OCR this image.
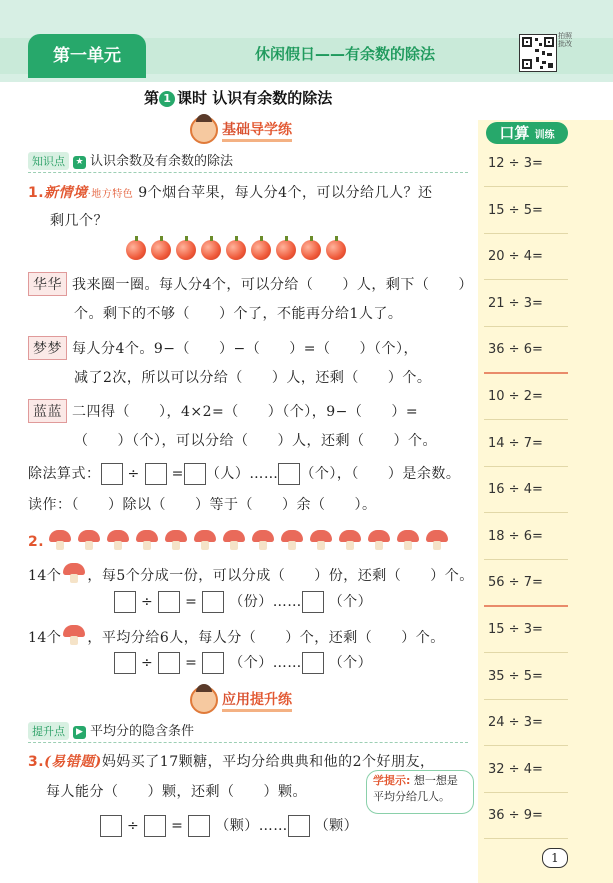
第一单元	休闲假日——有余数的除法
拍照批改
第 1 课时 认识有余数的除法
基础导学练
知识点 ★ 认识余数及有余数的除法
1.新情境·地方特色 9个烟台苹果，每人分4个，可以分给几人？还
剩几个？
华华 我来圈一圈。每人分4个，可以分给（　　）人，剩下（　　）
个。剩下的不够（　　）个了，不能再分给1人了。
梦梦 每人分4个。9−（　　）−（　　）=（　　）（个），
减了2次，所以可以分给（　　）人，还剩（　　）个。
蓝蓝 二四得（　　），4×2=（　　）（个），9−（　　）=
（　　）（个），可以分给（　　）人，还剩（　　）个。
除法算式： ÷ = （人）…… （个），（　　）是余数。
读作：（　　）除以（　　）等于（　　）余（　　）。
2.
14个 ，每5个分成一份，可以分成（　　）份，还剩（　　）个。
÷  =  （份）…… （个）
14个 ，平均分给6人，每人分（　　）个，还剩（　　）个。
÷  =  （个）…… （个）
应用提升练
提升点 ▶ 平均分的隐含条件
3.(易错题)妈妈买了17颗糖，平均分给典典和他的2个好朋友，
每人能分（　　）颗，还剩（　　）颗。
÷  =  （颗）…… （颗）
学提示: 想一想是
平均分给几人。
口算 训练
12 ÷ 3=
15 ÷ 5=
20 ÷ 4=
21 ÷ 3=
36 ÷ 6=
10 ÷ 2=
14 ÷ 7=
16 ÷ 4=
18 ÷ 6=
56 ÷ 7=
15 ÷ 3=
35 ÷ 5=
24 ÷ 3=
32 ÷ 4=
36 ÷ 9=
1
